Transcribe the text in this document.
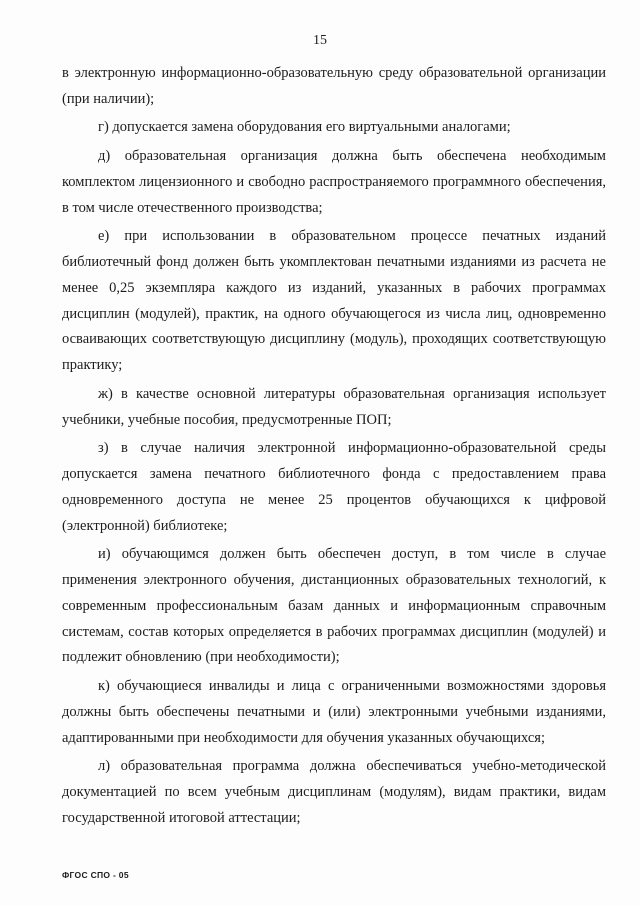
15

в электронную информационно-образовательную среду образовательной организации (при наличии);

г) допускается замена оборудования его виртуальными аналогами;

д) образовательная организация должна быть обеспечена необходимым комплектом лицензионного и свободно распространяемого программного обеспечения, в том числе отечественного производства;

е) при использовании в образовательном процессе печатных изданий библиотечный фонд должен быть укомплектован печатными изданиями из расчета не менее 0,25 экземпляра каждого из изданий, указанных в рабочих программах дисциплин (модулей), практик, на одного обучающегося из числа лиц, одновременно осваивающих соответствующую дисциплину (модуль), проходящих соответствующую практику;

ж) в качестве основной литературы образовательная организация использует учебники, учебные пособия, предусмотренные ПОП;

з) в случае наличия электронной информационно-образовательной среды допускается замена печатного библиотечного фонда с предоставлением права одновременного доступа не менее 25 процентов обучающихся к цифровой (электронной) библиотеке;

и) обучающимся должен быть обеспечен доступ, в том числе в случае применения электронного обучения, дистанционных образовательных технологий, к современным профессиональным базам данных и информационным справочным системам, состав которых определяется в рабочих программах дисциплин (модулей) и подлежит обновлению (при необходимости);

к) обучающиеся инвалиды и лица с ограниченными возможностями здоровья должны быть обеспечены печатными и (или) электронными учебными изданиями, адаптированными при необходимости для обучения указанных обучающихся;

л) образовательная программа должна обеспечиваться учебно-методической документацией по всем учебным дисциплинам (модулям), видам практики, видам государственной итоговой аттестации;

ФГОС СПО - 05
